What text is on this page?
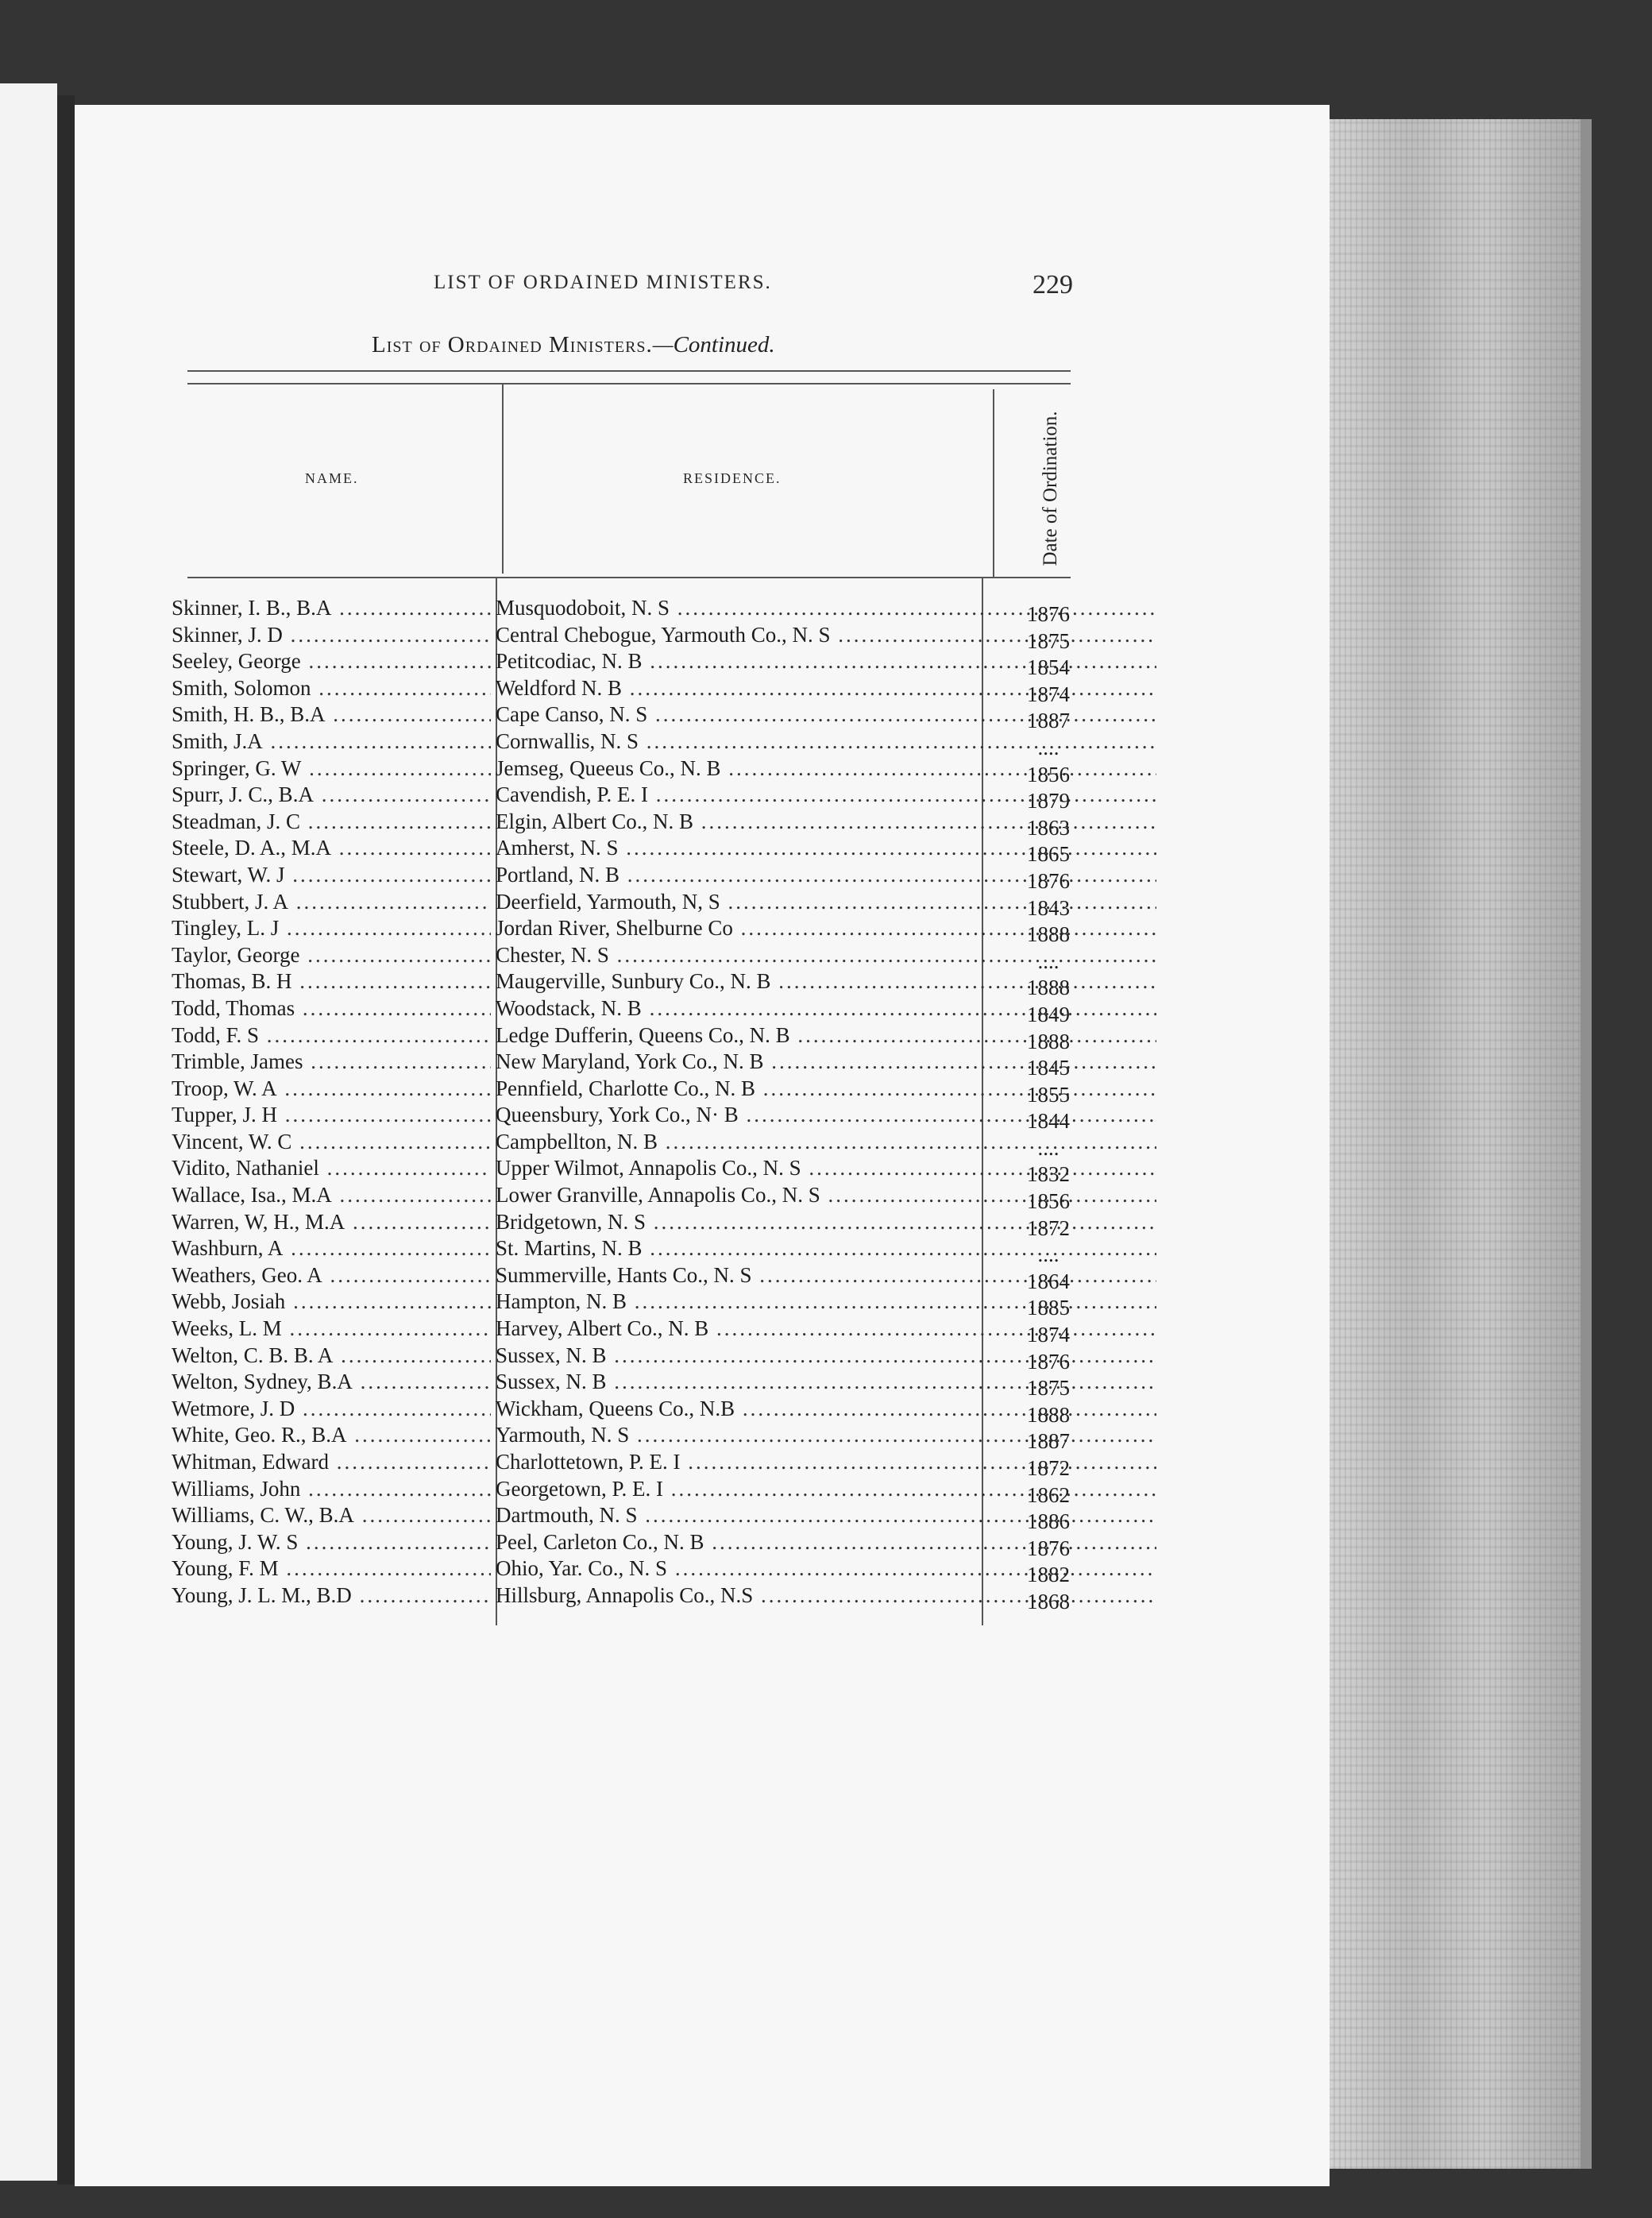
LIST OF ORDAINED MINISTERS.	229
List of Ordained Ministers.—Continued.
NAME.	RESIDENCE.	Date of Ordination.
Skinner, I. B., B.A .....	Musquodoboit, N. S .....	1876
Skinner, J. D .....	Central Chebogue, Yarmouth Co., N. S .....	1875
Seeley, George .....	Petitcodiac, N. B .....	1854
Smith, Solomon .....	Weldford N. B .....	1874
Smith, H. B., B.A .....	Cape Canso, N. S .....	1887
Smith, J.A .....	Cornwallis, N. S .....	....
Springer, G. W .....	Jemseg, Queeus Co., N. B .....	1856
Spurr, J. C., B.A .....	Cavendish, P. E. I .....	1879
Steadman, J. C .....	Elgin, Albert Co., N. B .....	1863
Steele, D. A., M.A .....	Amherst, N. S .....	1865
Stewart, W. J .....	Portland, N. B .....	1876
Stubbert, J. A .....	Deerfield, Yarmouth, N, S .....	1843
Tingley, L. J .....	Jordan River, Shelburne Co .....	1888
Taylor, George .....	Chester, N. S .....	....
Thomas, B. H .....	Maugerville, Sunbury Co., N. B .....	1888
Todd, Thomas .....	Woodstack, N. B .....	1849
Todd, F. S .....	Ledge Dufferin, Queens Co., N. B .....	1888
Trimble, James .....	New Maryland, York Co., N. B .....	1845
Troop, W. A .....	Pennfield, Charlotte Co., N. B .....	1855
Tupper, J. H .....	Queensbury, York Co., N· B .....	1844
Vincent, W. C .....	Campbellton, N. B .....	....
Vidito, Nathaniel .....	Upper Wilmot, Annapolis Co., N. S .....	1832
Wallace, Isa., M.A .....	Lower Granville, Annapolis Co., N. S .....	1856
Warren, W, H., M.A .....	Bridgetown, N. S .....	1872
Washburn, A .....	St. Martins, N. B .....	....
Weathers, Geo. A .....	Summerville, Hants Co., N. S .....	1864
Webb, Josiah .....	Hampton, N. B .....	1885
Weeks, L. M .....	Harvey, Albert Co., N. B .....	1874
Welton, C. B. B. A .....	Sussex, N. B .....	1876
Welton, Sydney, B.A .....	Sussex, N. B .....	1875
Wetmore, J. D .....	Wickham, Queens Co., N.B .....	1888
White, Geo. R., B.A .....	Yarmouth, N. S .....	1887
Whitman, Edward .....	Charlottetown, P. E. I .....	1872
Williams, John .....	Georgetown, P. E. I .....	1862
Williams, C. W., B.A .....	Dartmouth, N. S .....	1886
Young, J. W. S .....	Peel, Carleton Co., N. B .....	1876
Young, F. M .....	Ohio, Yar. Co., N. S .....	1882
Young, J. L. M., B.D .....	Hillsburg, Annapolis Co., N.S .....	1868
